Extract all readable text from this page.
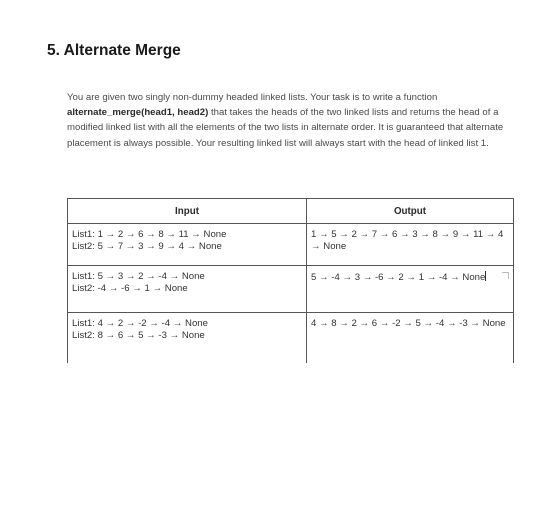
5. Alternate Merge

You are given two singly non-dummy headed linked lists. Your task is to write a function alternate_merge(head1, head2) that takes the heads of the two linked lists and returns the head of a modified linked list with all the elements of the two lists in alternate order. It is guaranteed that alternate placement is always possible. Your resulting linked list will always start with the head of linked list 1.

Input	Output

List1: 1 → 2 → 6 → 8 → 11 → None
List2: 5 → 7 → 3 → 9 → 4 → None	1 → 5 → 2 → 7 → 6 → 3 → 8 → 9 → 11 → 4 → None

List1: 5 → 3 → 2 → -4 → None
List2: -4 → -6 → 1 → None	5 → -4 → 3 → -6 → 2 → 1 → -4 → None

List1: 4 → 2 → -2 → -4 → None
List2: 8 → 6 → 5 → -3 → None	4 → 8 → 2 → 6 → -2 → 5 → -4 → -3 → None
